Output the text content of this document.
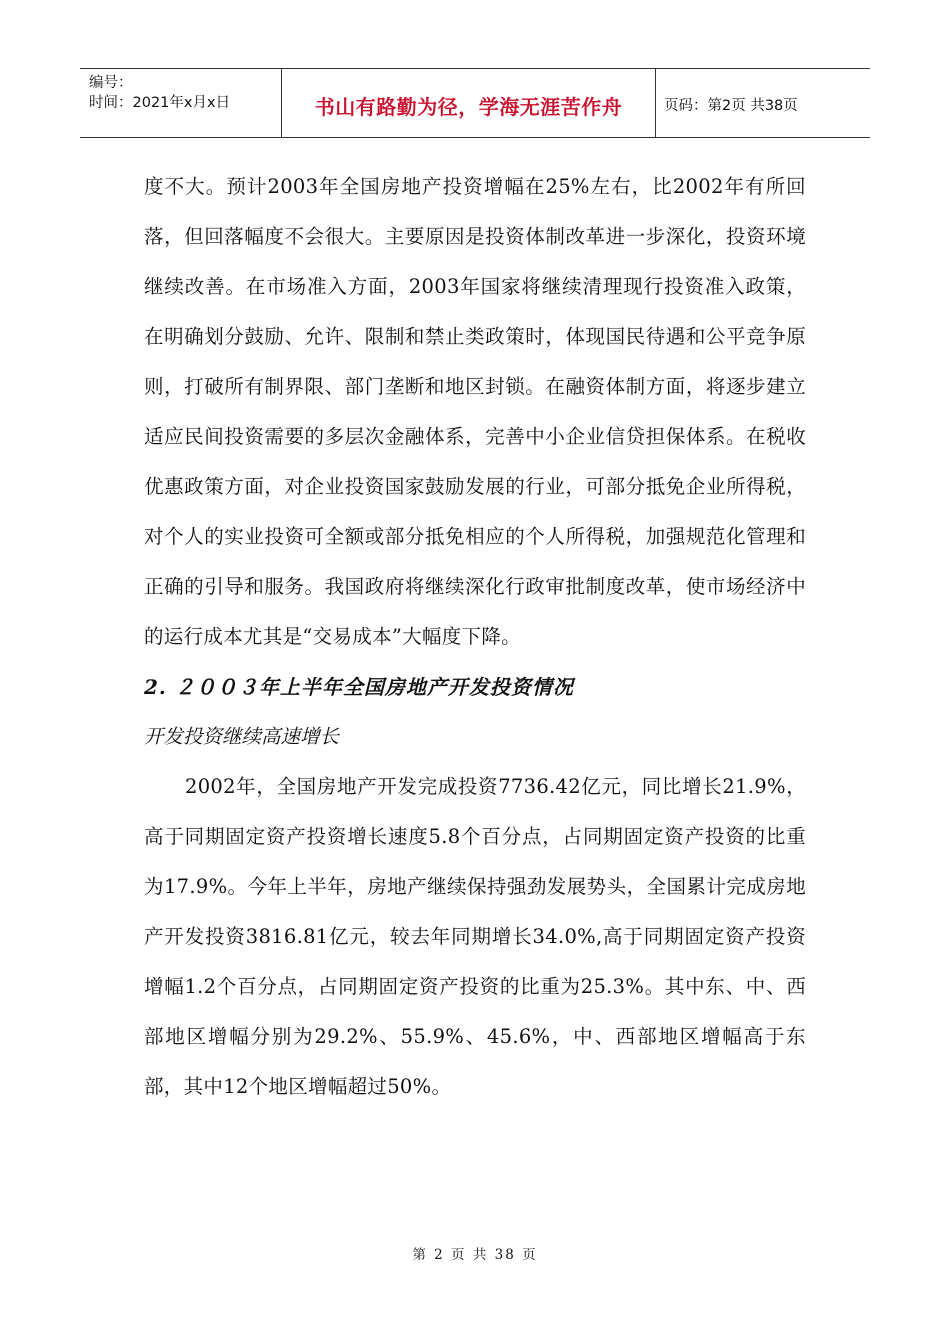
编号：
时间：2021年x月x日	书山有路勤为径，学海无涯苦作舟	页码：第2页 共38页

度不大。预计2003年全国房地产投资增幅在25%左右，比2002年有所回落，但回落幅度不会很大。主要原因是投资体制改革进一步深化，投资环境继续改善。在市场准入方面，2003年国家将继续清理现行投资准入政策，在明确划分鼓励、允许、限制和禁止类政策时，体现国民待遇和公平竞争原则，打破所有制界限、部门垄断和地区封锁。在融资体制方面，将逐步建立适应民间投资需要的多层次金融体系，完善中小企业信贷担保体系。在税收优惠政策方面，对企业投资国家鼓励发展的行业，可部分抵免企业所得税，对个人的实业投资可全额或部分抵免相应的个人所得税，加强规范化管理和正确的引导和服务。我国政府将继续深化行政审批制度改革，使市场经济中的运行成本尤其是“交易成本”大幅度下降。

2. ２００３年上半年全国房地产开发投资情况

开发投资继续高速增长

2002年，全国房地产开发完成投资7736.42亿元，同比增长21.9%，高于同期固定资产投资增长速度5.8个百分点，占同期固定资产投资的比重为17.9%。今年上半年，房地产继续保持强劲发展势头，全国累计完成房地产开发投资3816.81亿元，较去年同期增长34.0%,高于同期固定资产投资增幅1.2个百分点，占同期固定资产投资的比重为25.3%。其中东、中、西部地区增幅分别为29.2%、55.9%、45.6%，中、西部地区增幅高于东部，其中12个地区增幅超过50%。

第 2 页 共 38 页
